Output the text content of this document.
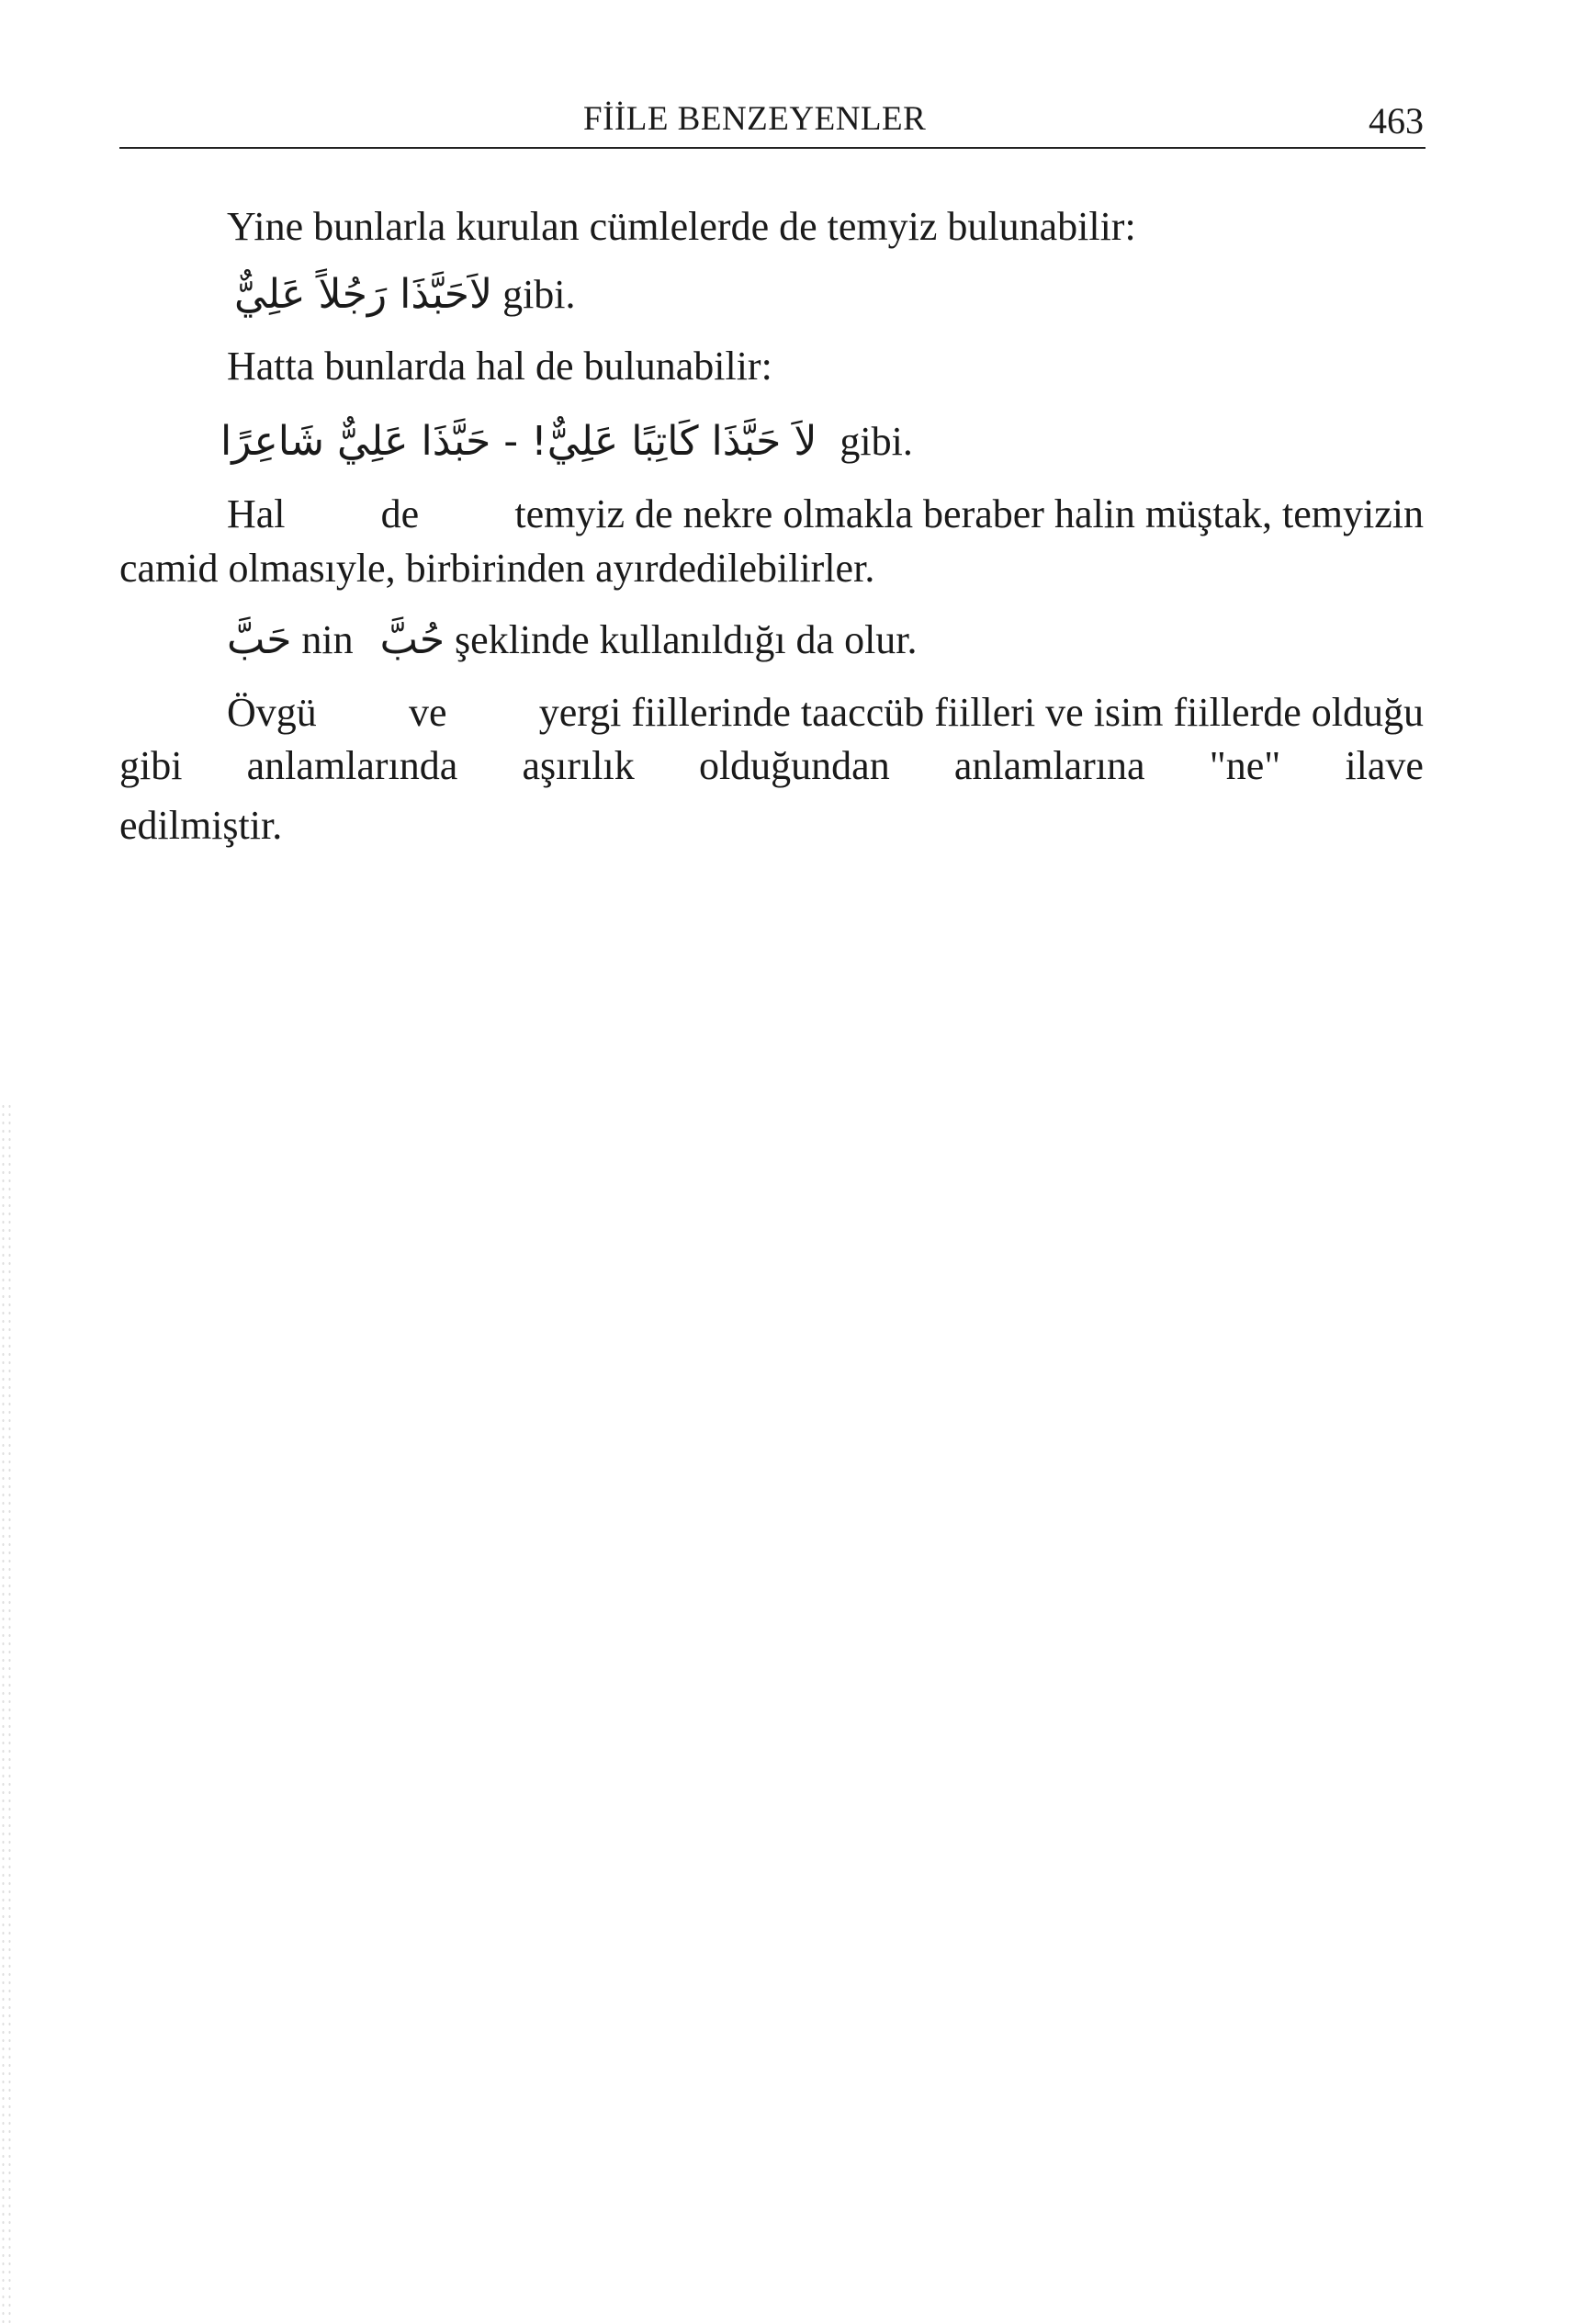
FİİLE BENZEYENLER	463
Yine bunlarla kurulan cümlelerde de temyiz bulunabilir:
لاَحَبَّذَا رَجُلاً عَلِيٌّ gibi.
Hatta bunlarda hal de bulunabilir:
لاَ حَبَّذَا كَاتِبًا عَلِيٌّ! - حَبَّذَا عَلِيٌّ شَاعِرًا gibi.
Hal de temyiz de nekre olmakla beraber halin müştak, temyizin
camid olmasıyle, birbirinden ayırdedilebilirler.
حَبَّ nin حُبَّ şeklinde kullanıldığı da olur.
Övgü ve yergi fiillerinde taaccüb fiilleri ve isim fiillerde olduğu
gibi anlamlarında aşırılık olduğundan anlamlarına "ne" ilave
edilmiştir.
